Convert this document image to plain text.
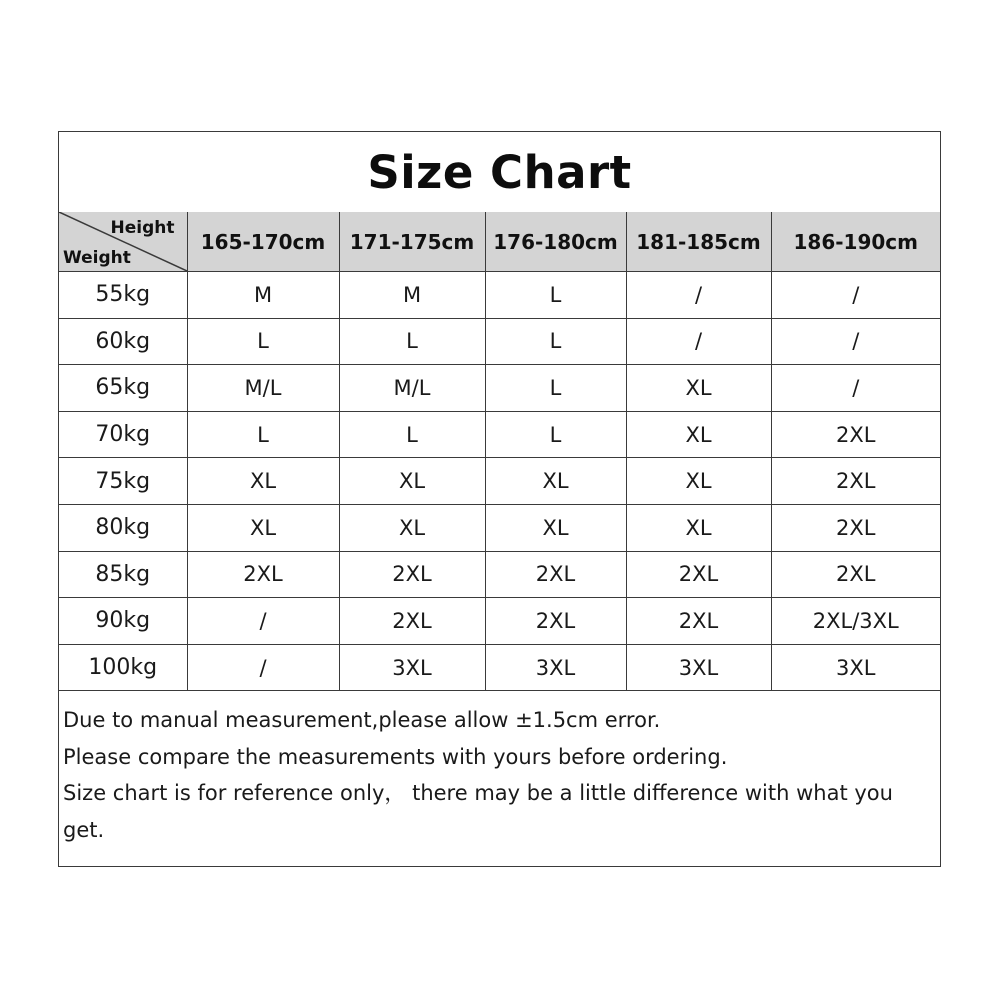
Size Chart
Height
Weight	165-170cm	171-175cm	176-180cm	181-185cm	186-190cm
55kg	M	M	L	/	/
60kg	L	L	L	/	/
65kg	M/L	M/L	L	XL	/
70kg	L	L	L	XL	2XL
75kg	XL	XL	XL	XL	2XL
80kg	XL	XL	XL	XL	2XL
85kg	2XL	2XL	2XL	2XL	2XL
90kg	/	2XL	2XL	2XL	2XL/3XL
100kg	/	3XL	3XL	3XL	3XL

Due to manual measurement,please allow ±1.5cm error.

Please compare the measurements with yours before ordering.

Size chart is for reference only， there may be a little difference with what you get.
